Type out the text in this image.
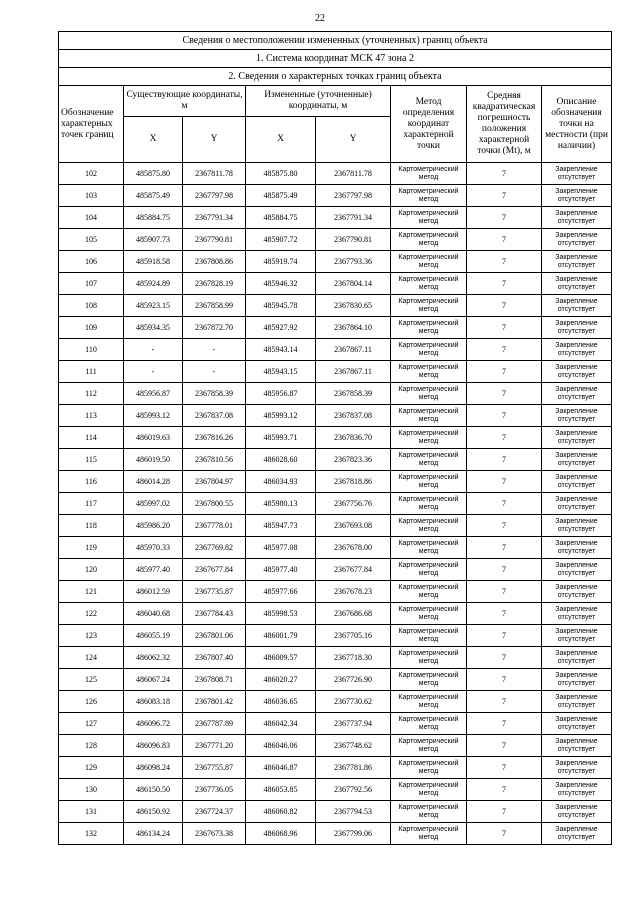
22
Сведения о местоположении измененных (уточненных) границ объекта							
1. Система координат МСК 47 зона 2							
2. Сведения о характерных точках границ объекта							
Обозначение характерных точек границ	Существующие координаты, м		Измененные (уточненные) координаты, м		Метод определения координат характерной точки	Средняя квадратическая погрешность положения характерной точки (Mt), м	Описание обозначения точки на местности (при наличии)
	X	Y	X	Y			
102	485875.80	2367811.78	485875.80	2367811.78	Картометрический метод	7	Закрепление отсутствует
103	485875.49	2367797.98	485875.49	2367797.98	Картометрический метод	7	Закрепление отсутствует
104	485884.75	2367791.34	485884.75	2367791.34	Картометрический метод	7	Закрепление отсутствует
105	485907.73	2367790.81	485907.72	2367790.81	Картометрический метод	7	Закрепление отсутствует
106	485918.58	2367808.86	485919.74	2367793.36	Картометрический метод	7	Закрепление отсутствует
107	485924.89	2367828.19	485946.32	2367804.14	Картометрический метод	7	Закрепление отсутствует
108	485923.15	2367858.99	485945.78	2367830.65	Картометрический метод	7	Закрепление отсутствует
109	485934.35	2367872.70	485927.92	2367864.10	Картометрический метод	7	Закрепление отсутствует
110	-	-	485943.14	2367867.11	Картометрический метод	7	Закрепление отсутствует
111	-	-	485943.15	2367867.11	Картометрический метод	7	Закрепление отсутствует
112	485956.87	2367858.39	485956.87	2367858.39	Картометрический метод	7	Закрепление отсутствует
113	485993.12	2367837.08	485993.12	2367837.08	Картометрический метод	7	Закрепление отсутствует
114	486019.63	2367816.26	485993.71	2367836.70	Картометрический метод	7	Закрепление отсутствует
115	486019.50	2367810.56	486028.60	2367823.36	Картометрический метод	7	Закрепление отсутствует
116	486014.28	2367804.97	486034.93	2367818.86	Картометрический метод	7	Закрепление отсутствует
117	485997.02	2367800.55	485980.13	2367756.76	Картометрический метод	7	Закрепление отсутствует
118	485986.20	2367778.01	485947.73	2367693.08	Картометрический метод	7	Закрепление отсутствует
119	485970.33	2367769.82	485977.08	2367678.00	Картометрический метод	7	Закрепление отсутствует
120	485977.40	2367677.84	485977.40	2367677.84	Картометрический метод	7	Закрепление отсутствует
121	486012.59	2367735.87	485977.66	2367678.23	Картометрический метод	7	Закрепление отсутствует
122	486040.68	2367784.43	485998.53	2367686.68	Картометрический метод	7	Закрепление отсутствует
123	486055.19	2367801.06	486001.79	2367705.16	Картометрический метод	7	Закрепление отсутствует
124	486062.32	2367807.40	486009.57	2367718.30	Картометрический метод	7	Закрепление отсутствует
125	486067.24	2367808.71	486020.27	2367726.90	Картометрический метод	7	Закрепление отсутствует
126	486083.18	2367801.42	486036.65	2367730.62	Картометрический метод	7	Закрепление отсутствует
127	486096.72	2367787.89	486042.34	2367737.94	Картометрический метод	7	Закрепление отсутствует
128	486096.83	2367771.20	486046.06	2367748.62	Картометрический метод	7	Закрепление отсутствует
129	486098.24	2367755.87	486046.87	2367781.86	Картометрический метод	7	Закрепление отсутствует
130	486150.50	2367736.05	486053.85	2367792.56	Картометрический метод	7	Закрепление отсутствует
131	486150.92	2367724.37	486060.82	2367794.53	Картометрический метод	7	Закрепление отсутствует
132	486134.24	2367673.38	486068.96	2367799.06	Картометрический метод	7	Закрепление отсутствует
